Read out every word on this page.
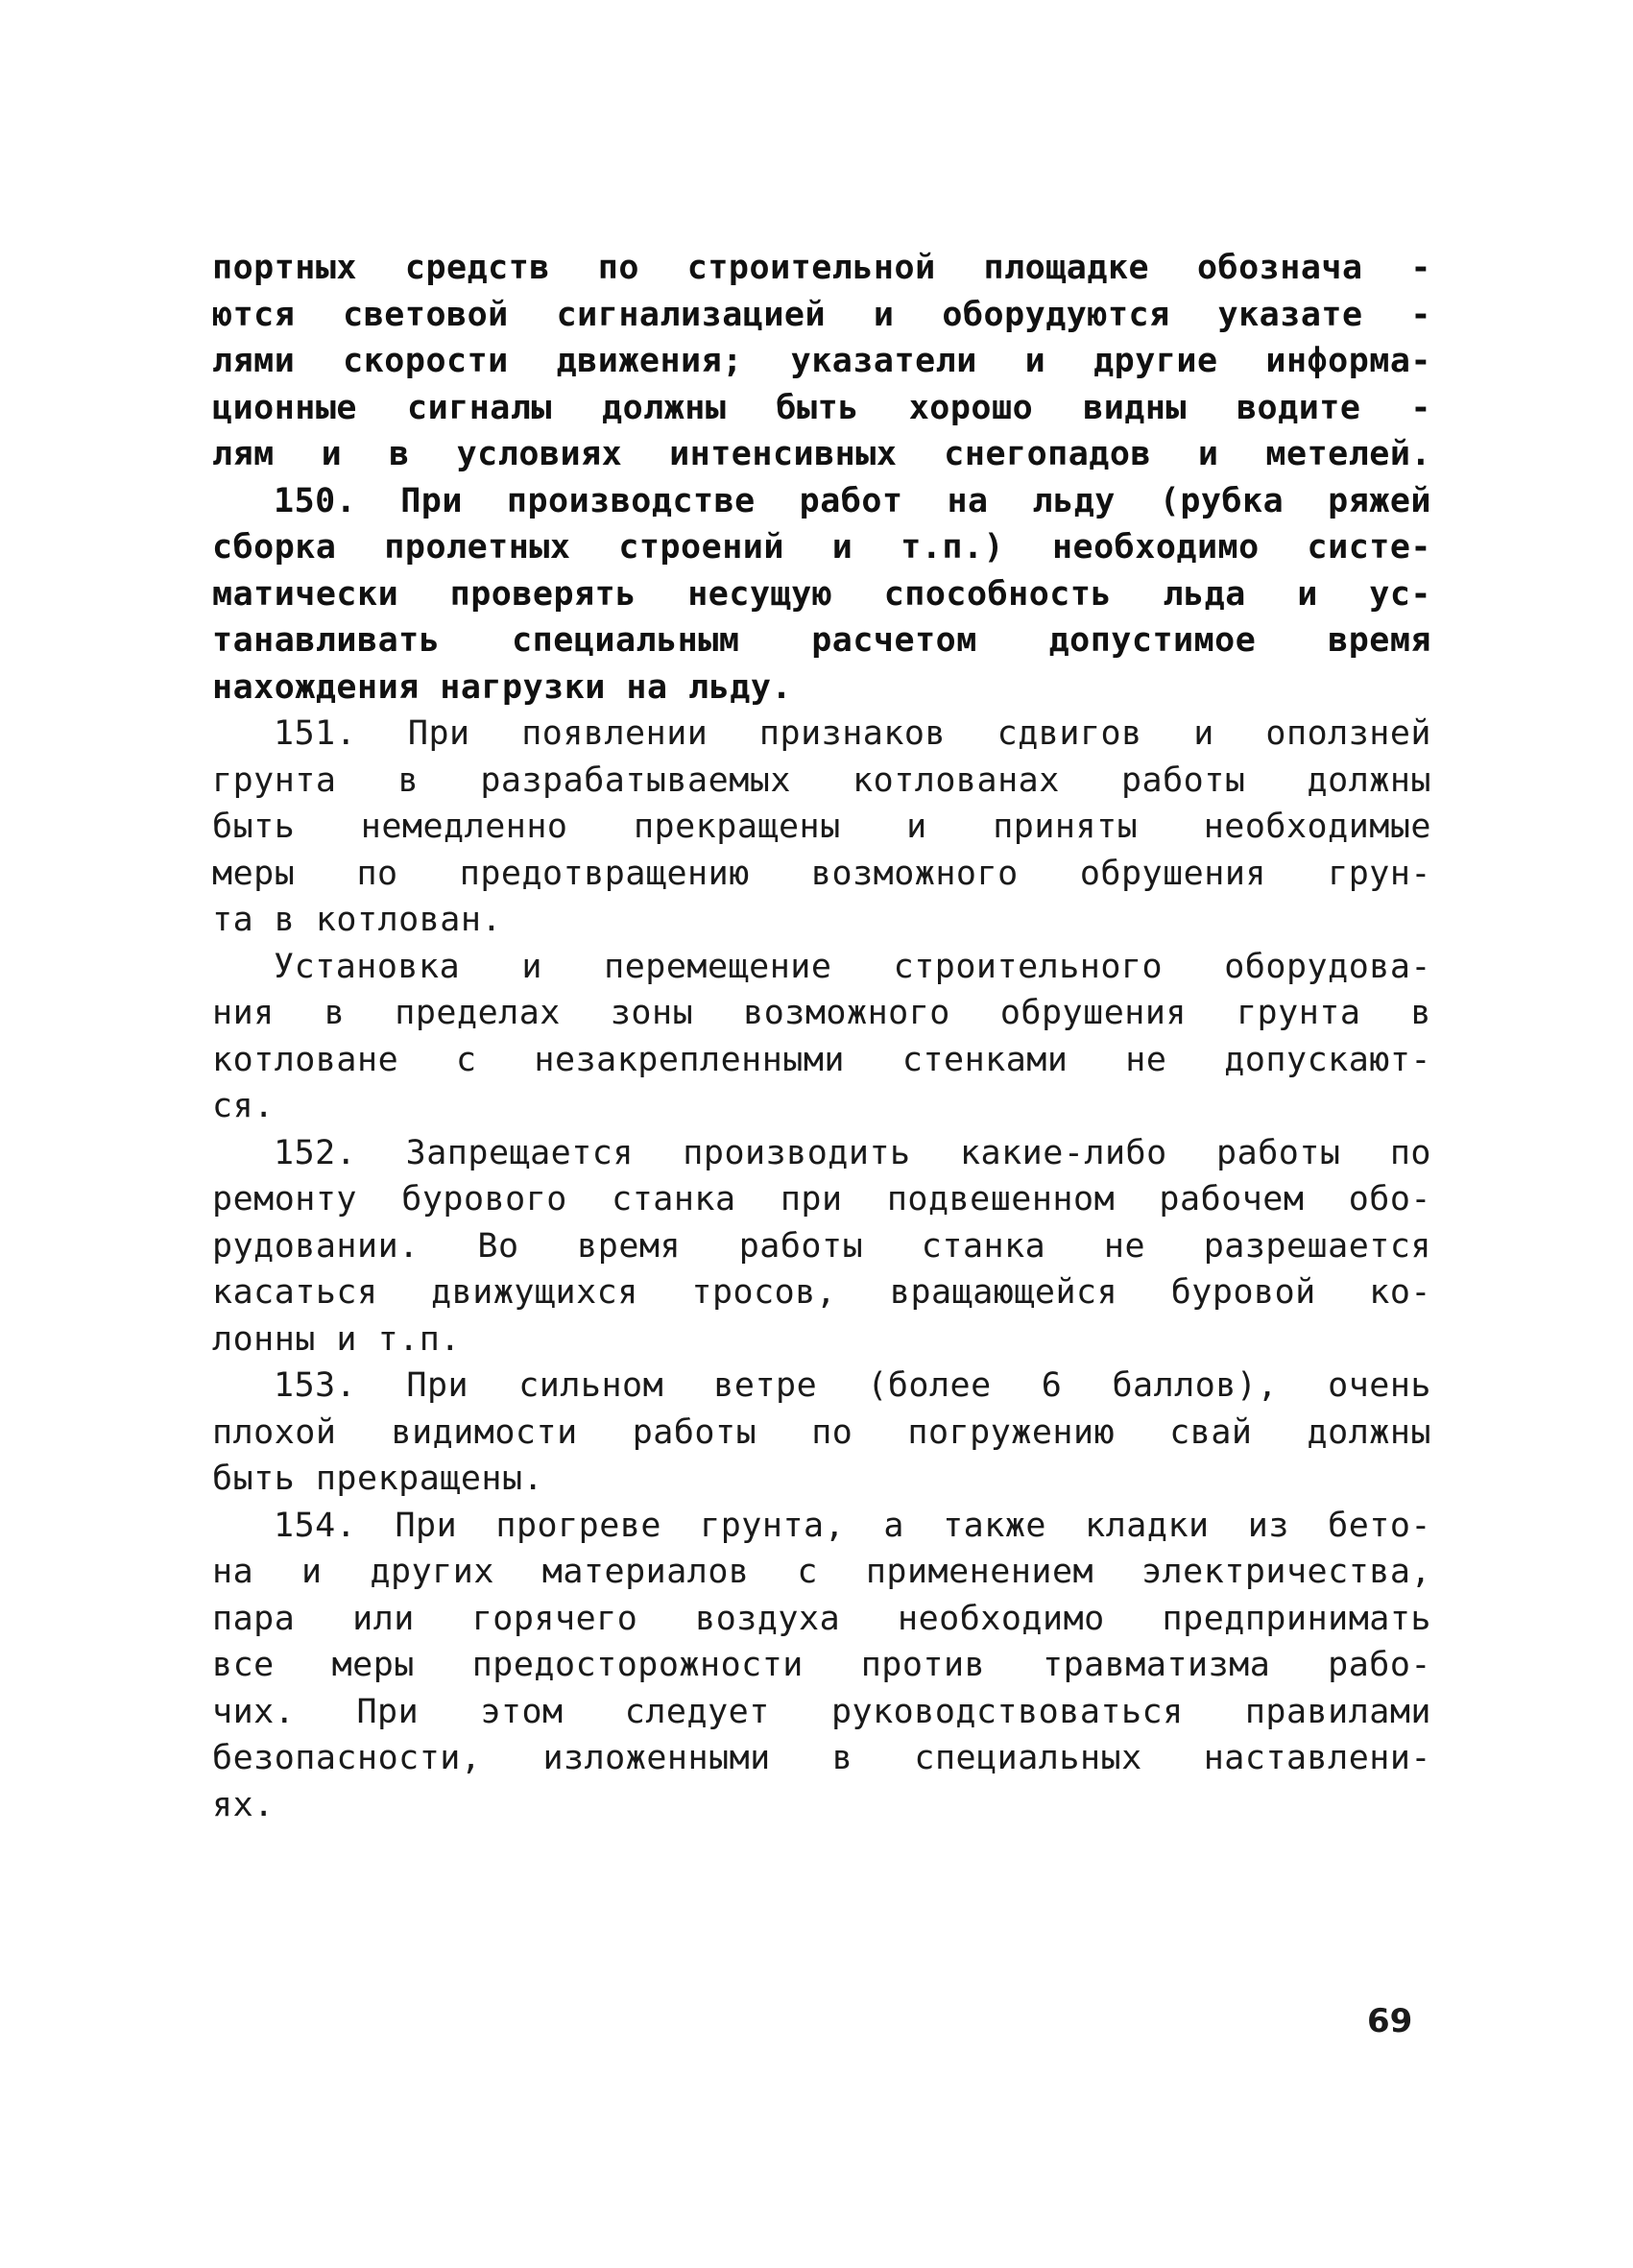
портных средств по строительной площадке обознача -
ются световой сигнализацией и оборудуются указате -
лями скорости движения; указатели и другие информа-
ционные сигналы должны быть хорошо видны водите -
лям и в условиях интенсивных снегопадов и метелей.
150. При производстве работ на льду (рубка ряжей
сборка пролетных строений и т.п.) необходимо систе-
матически проверять несущую способность льда и ус-
танавливать специальным расчетом допустимое время
нахождения нагрузки на льду.
151. При появлении признаков сдвигов и оползней
грунта в разрабатываемых котлованах работы должны
быть немедленно прекращены и приняты необходимые
меры по предотвращению возможного обрушения грун-
та в котлован.
Установка и перемещение строительного оборудова-
ния в пределах зоны возможного обрушения грунта в
котловане с незакрепленными стенками не допускают-
ся.
152. Запрещается производить какие-либо работы по
ремонту бурового станка при подвешенном рабочем обо-
рудовании. Во время работы станка не разрешается
касаться движущихся тросов, вращающейся буровой ко-
лонны и т.п.
153. При сильном ветре (более 6 баллов), очень
плохой видимости работы по погружению свай должны
быть прекращены.
154. При прогреве грунта, а также кладки из бето-
на и других материалов с применением электричества,
пара или горячего воздуха необходимо предпринимать
все меры предосторожности против травматизма рабо-
чих. При этом следует руководствоваться правилами
безопасности, изложенными в специальных наставлени-
ях.
69
